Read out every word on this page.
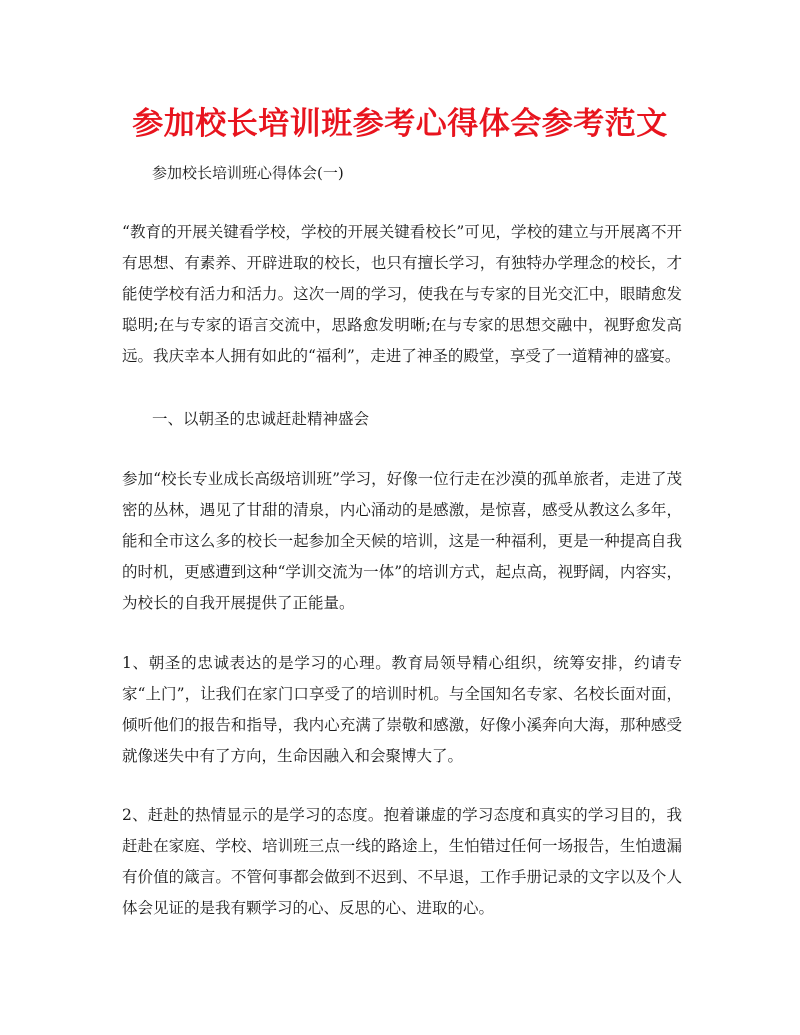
参加校长培训班参考心得体会参考范文
参加校长培训班心得体会(一)

“教育的开展关键看学校，学校的开展关键看校长”可见，学校的建立与开展离不开有思想、有素养、开辟进取的校长，也只有擅长学习，有独特办学理念的校长，才能使学校有活力和活力。这次一周的学习，使我在与专家的目光交汇中，眼睛愈发聪明;在与专家的语言交流中，思路愈发明晰;在与专家的思想交融中，视野愈发高远。我庆幸本人拥有如此的“福利”，走进了神圣的殿堂，享受了一道精神的盛宴。

一、以朝圣的忠诚赶赴精神盛会

参加“校长专业成长高级培训班”学习，好像一位行走在沙漠的孤单旅者，走进了茂密的丛林，遇见了甘甜的清泉，内心涌动的是感激，是惊喜，感受从教这么多年，能和全市这么多的校长一起参加全天候的培训，这是一种福利，更是一种提高自我的时机，更感遭到这种“学训交流为一体”的培训方式，起点高，视野阔，内容实，为校长的自我开展提供了正能量。

1、朝圣的忠诚表达的是学习的心理。教育局领导精心组织，统筹安排，约请专家“上门”，让我们在家门口享受了的培训时机。与全国知名专家、名校长面对面，倾听他们的报告和指导，我内心充满了崇敬和感激，好像小溪奔向大海，那种感受就像迷失中有了方向，生命因融入和会聚博大了。

2、赶赴的热情显示的是学习的态度。抱着谦虚的学习态度和真实的学习目的，我赶赴在家庭、学校、培训班三点一线的路途上，生怕错过任何一场报告，生怕遗漏有价值的箴言。不管何事都会做到不迟到、不早退，工作手册记录的文字以及个人体会见证的是我有颗学习的心、反思的心、进取的心。
